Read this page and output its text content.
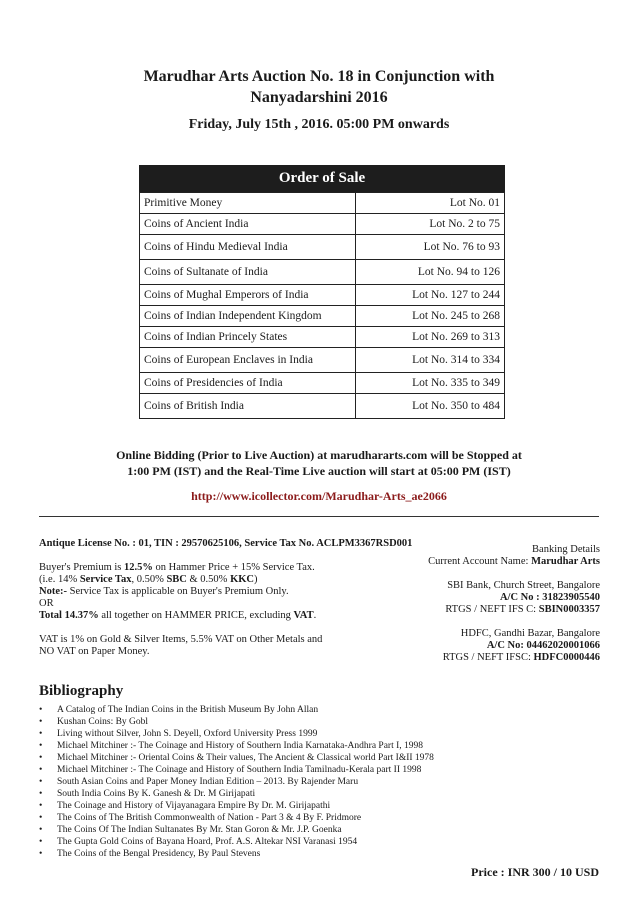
Marudhar Arts Auction No. 18 in Conjunction with
Nanyadarshini 2016
Friday, July 15th , 2016. 05:00 PM onwards
Order of Sale
Primitive Money	Lot No. 01
Coins of Ancient India	Lot No. 2 to 75
Coins of Hindu Medieval India	Lot No. 76 to 93
Coins of Sultanate of India	Lot No. 94 to 126
Coins of Mughal Emperors of India	Lot No. 127 to 244
Coins of Indian Independent Kingdom	Lot No. 245 to 268
Coins of Indian Princely States	Lot No. 269 to 313
Coins of European Enclaves in India	Lot No. 314 to 334
Coins of Presidencies of India	Lot No. 335 to 349
Coins of British India	Lot No. 350 to 484
Online Bidding (Prior to Live Auction) at marudhararts.com will be Stopped at
1:00 PM (IST) and the Real-Time Live auction will start at 05:00 PM (IST)
http://www.icollector.com/Marudhar-Arts_ae2066
Antique License No. : 01, TIN : 29570625106, Service Tax No. ACLPM3367RSD001
Buyer's Premium is 12.5% on Hammer Price + 15% Service Tax.
(i.e. 14% Service Tax, 0.50% SBC & 0.50% KKC)
Note:- Service Tax is applicable on Buyer's Premium Only.
OR
Total 14.37% all together on HAMMER PRICE, excluding VAT.
VAT is 1% on Gold & Silver Items, 5.5% VAT on Other Metals and
NO VAT on Paper Money.
Banking Details
Current Account Name: Marudhar Arts
SBI Bank, Church Street, Bangalore
A/C No : 31823905540
RTGS / NEFT IFS C: SBIN0003357
HDFC, Gandhi Bazar, Bangalore
A/C No: 04462020001066
RTGS / NEFT IFSC: HDFC0000446
Bibliography
• A Catalog of The Indian Coins in the British Museum By John Allan
• Kushan Coins: By Gobl
• Living without Silver, John S. Deyell, Oxford University Press 1999
• Michael Mitchiner :- The Coinage and History of Southern India Karnataka-Andhra Part I, 1998
• Michael Mitchiner :- Oriental Coins & Their values, The Ancient & Classical world Part I&II 1978
• Michael Mitchiner :- The Coinage and History of Southern India Tamilnadu-Kerala part II 1998
• South Asian Coins and Paper Money Indian Edition – 2013. By Rajender Maru
• South India Coins By K. Ganesh & Dr. M Girijapati
• The Coinage and History of Vijayanagara Empire By Dr. M. Girijapathi
• The Coins of The British Commonwealth of Nation - Part 3 & 4 By F. Pridmore
• The Coins Of The Indian Sultanates By Mr. Stan Goron & Mr. J.P. Goenka
• The Gupta Gold Coins of Bayana Hoard, Prof. A.S. Altekar NSI Varanasi 1954
• The Coins of the Bengal Presidency, By Paul Stevens
Price : INR 300 / 10 USD
